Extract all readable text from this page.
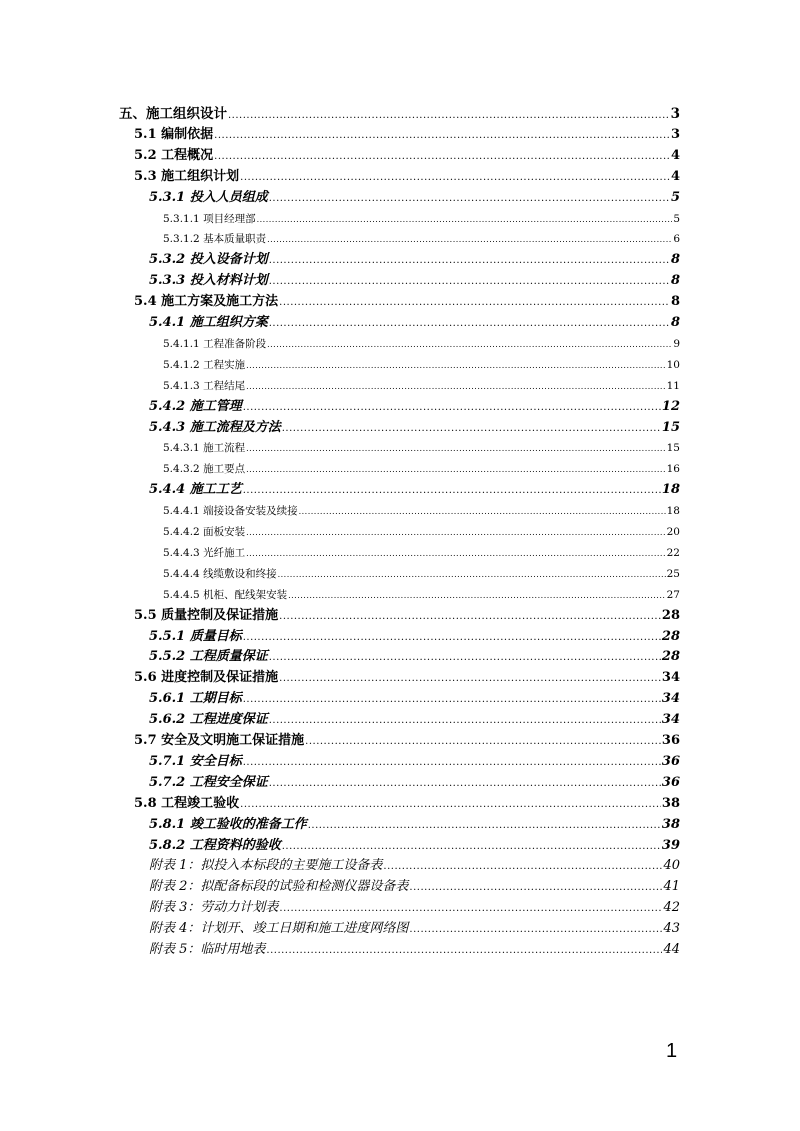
五、施工组织设计 .....	3
5.1 编制依据 .....	3
5.2 工程概况 .....	4
5.3 施工组织计划 .....	4
5.3.1 投入人员组成 .....	5
5.3.1.1 项目经理部 .....	5
5.3.1.2 基本质量职责 .....	6
5.3.2 投入设备计划 .....	8
5.3.3 投入材料计划 .....	8
5.4 施工方案及施工方法 .....	8
5.4.1 施工组织方案 .....	8
5.4.1.1 工程准备阶段 .....	9
5.4.1.2 工程实施 .....	10
5.4.1.3 工程结尾 .....	11
5.4.2 施工管理 .....	12
5.4.3 施工流程及方法 .....	15
5.4.3.1 施工流程 .....	15
5.4.3.2 施工要点 .....	16
5.4.4 施工工艺 .....	18
5.4.4.1 端接设备安装及续接 .....	18
5.4.4.2 面板安装 .....	20
5.4.4.3 光纤施工 .....	22
5.4.4.4 线缆敷设和终接 .....	25
5.4.4.5 机柜、配线架安装 .....	27
5.5 质量控制及保证措施 .....	28
5.5.1 质量目标 .....	28
5.5.2 工程质量保证 .....	28
5.6 进度控制及保证措施 .....	34
5.6.1 工期目标 .....	34
5.6.2 工程进度保证 .....	34
5.7 安全及文明施工保证措施 .....	36
5.7.1 安全目标 .....	36
5.7.2 工程安全保证 .....	36
5.8 工程竣工验收 .....	38
5.8.1 竣工验收的准备工作 .....	38
5.8.2 工程资料的验收 .....	39
附表 1：拟投入本标段的主要施工设备表 .....	40
附表 2：拟配备标段的试验和检测仪器设备表 .....	41
附表 3：劳动力计划表 .....	42
附表 4：计划开、竣工日期和施工进度网络图 .....	43
附表 5：临时用地表 .....	44
1
